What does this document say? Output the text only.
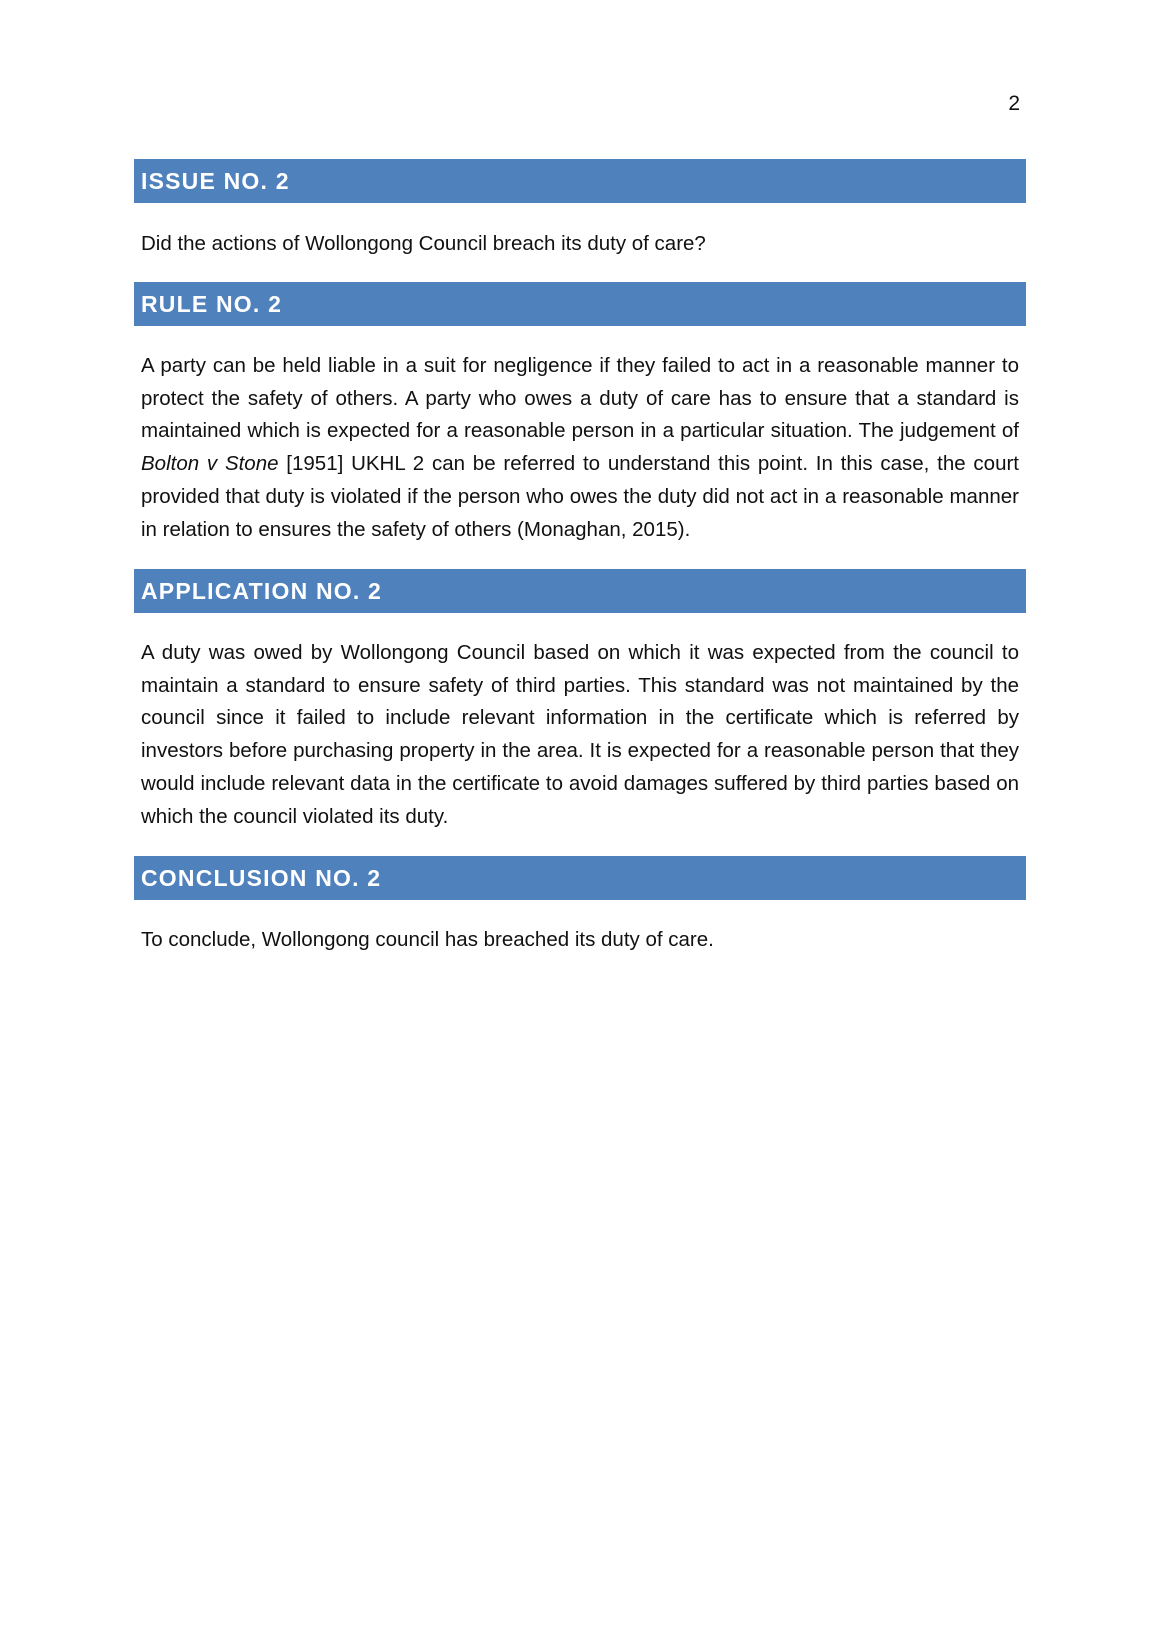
2
ISSUE NO. 2

Did the actions of Wollongong Council breach its duty of care?

RULE NO. 2

A party can be held liable in a suit for negligence if they failed to act in a reasonable manner to protect the safety of others. A party who owes a duty of care has to ensure that a standard is maintained which is expected for a reasonable person in a particular situation. The judgement of Bolton v Stone [1951] UKHL 2 can be referred to understand this point. In this case, the court provided that duty is violated if the person who owes the duty did not act in a reasonable manner in relation to ensures the safety of others (Monaghan, 2015).

APPLICATION NO. 2

A duty was owed by Wollongong Council based on which it was expected from the council to maintain a standard to ensure safety of third parties. This standard was not maintained by the council since it failed to include relevant information in the certificate which is referred by investors before purchasing property in the area. It is expected for a reasonable person that they would include relevant data in the certificate to avoid damages suffered by third parties based on which the council violated its duty.

CONCLUSION NO. 2

To conclude, Wollongong council has breached its duty of care.
